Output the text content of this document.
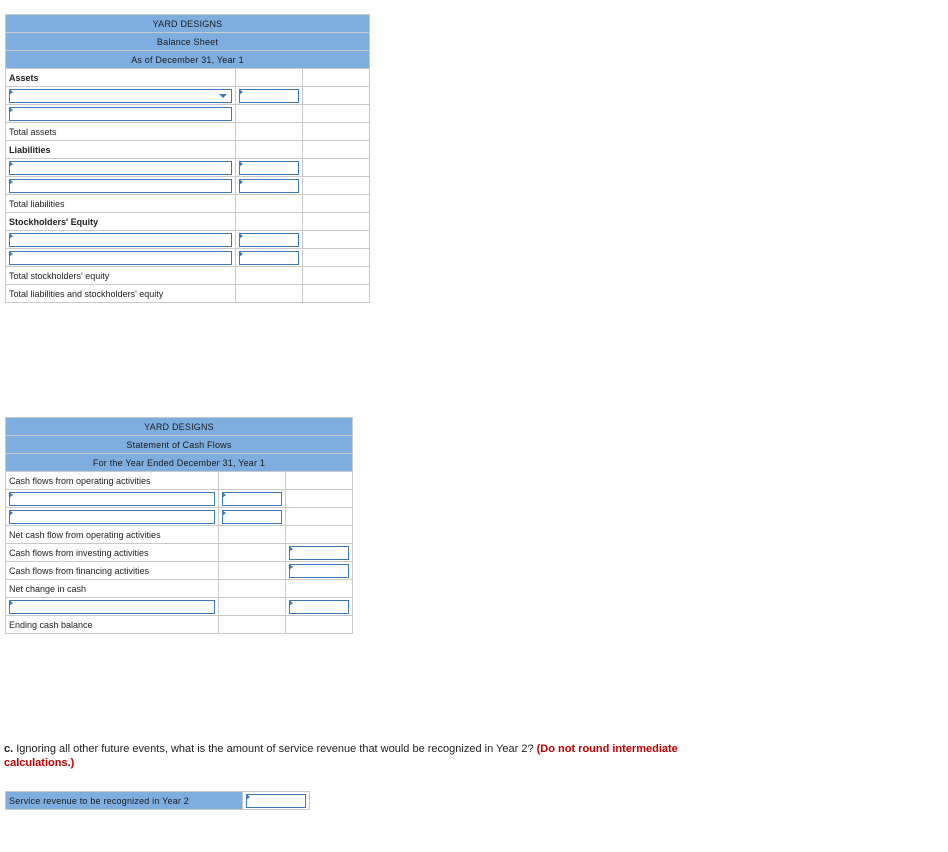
YARD DESIGNS		
Balance Sheet		
As of December 31, Year 1		
Assets		

Total assets		
Liabilities		

Total liabilities		
Stockholders' Equity		

Total stockholders' equity		
Total liabilities and stockholders' equity		
YARD DESIGNS		
Statement of Cash Flows		
For the Year Ended December 31, Year 1		
Cash flows from operating activities		

Net cash flow from operating activities		
Cash flows from investing activities		

Cash flows from financing activities		

Net change in cash		

Ending cash balance		
c. Ignoring all other future events, what is the amount of service revenue that would be recognized in Year 2? (Do not round intermediate calculations.)
Service revenue to be recognized in Year 2	
